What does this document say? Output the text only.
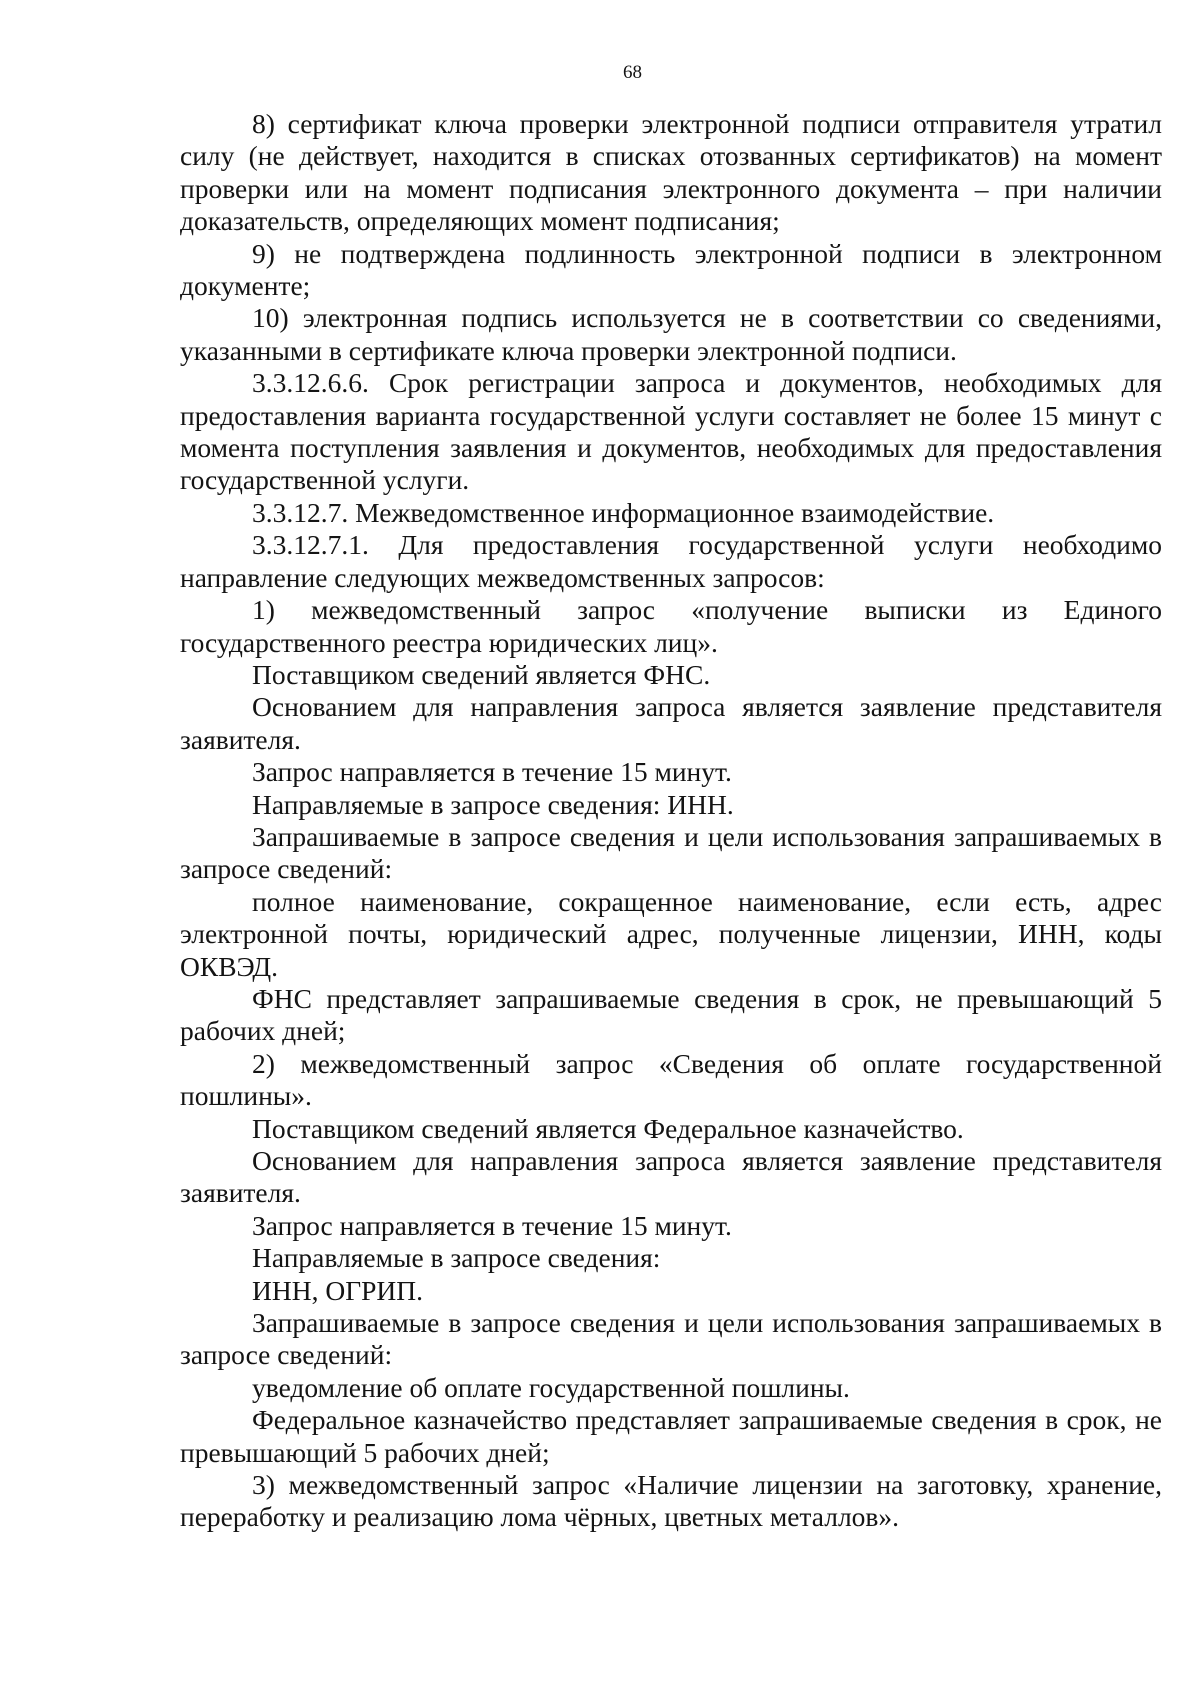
68

8) сертификат ключа проверки электронной подписи отправителя утратил силу (не действует, находится в списках отозванных сертификатов) на момент проверки или на момент подписания электронного документа – при наличии доказательств, определяющих момент подписания;

9) не подтверждена подлинность электронной подписи в электронном документе;

10) электронная подпись используется не в соответствии со сведениями, указанными в сертификате ключа проверки электронной подписи.

3.3.12.6.6. Срок регистрации запроса и документов, необходимых для предоставления варианта государственной услуги составляет не более 15 минут с момента поступления заявления и документов, необходимых для предоставления государственной услуги.

3.3.12.7. Межведомственное информационное взаимодействие.

3.3.12.7.1. Для предоставления государственной услуги необходимо направление следующих межведомственных запросов:

1) межведомственный запрос «получение выписки из Единого государственного реестра юридических лиц».

Поставщиком сведений является ФНС.

Основанием для направления запроса является заявление представителя заявителя.

Запрос направляется в течение 15 минут.

Направляемые в запросе сведения: ИНН.

Запрашиваемые в запросе сведения и цели использования запрашиваемых в запросе сведений:

полное наименование, сокращенное наименование, если есть, адрес электронной почты, юридический адрес, полученные лицензии, ИНН, коды ОКВЭД.

ФНС представляет запрашиваемые сведения в срок, не превышающий 5 рабочих дней;

2) межведомственный запрос «Сведения об оплате государственной пошлины».

Поставщиком сведений является Федеральное казначейство.

Основанием для направления запроса является заявление представителя заявителя.

Запрос направляется в течение 15 минут.

Направляемые в запросе сведения:

ИНН, ОГРИП.

Запрашиваемые в запросе сведения и цели использования запрашиваемых в запросе сведений:

уведомление об оплате государственной пошлины.

Федеральное казначейство представляет запрашиваемые сведения в срок, не превышающий 5 рабочих дней;

3) межведомственный запрос «Наличие лицензии на заготовку, хранение, переработку и реализацию лома чёрных, цветных металлов».
